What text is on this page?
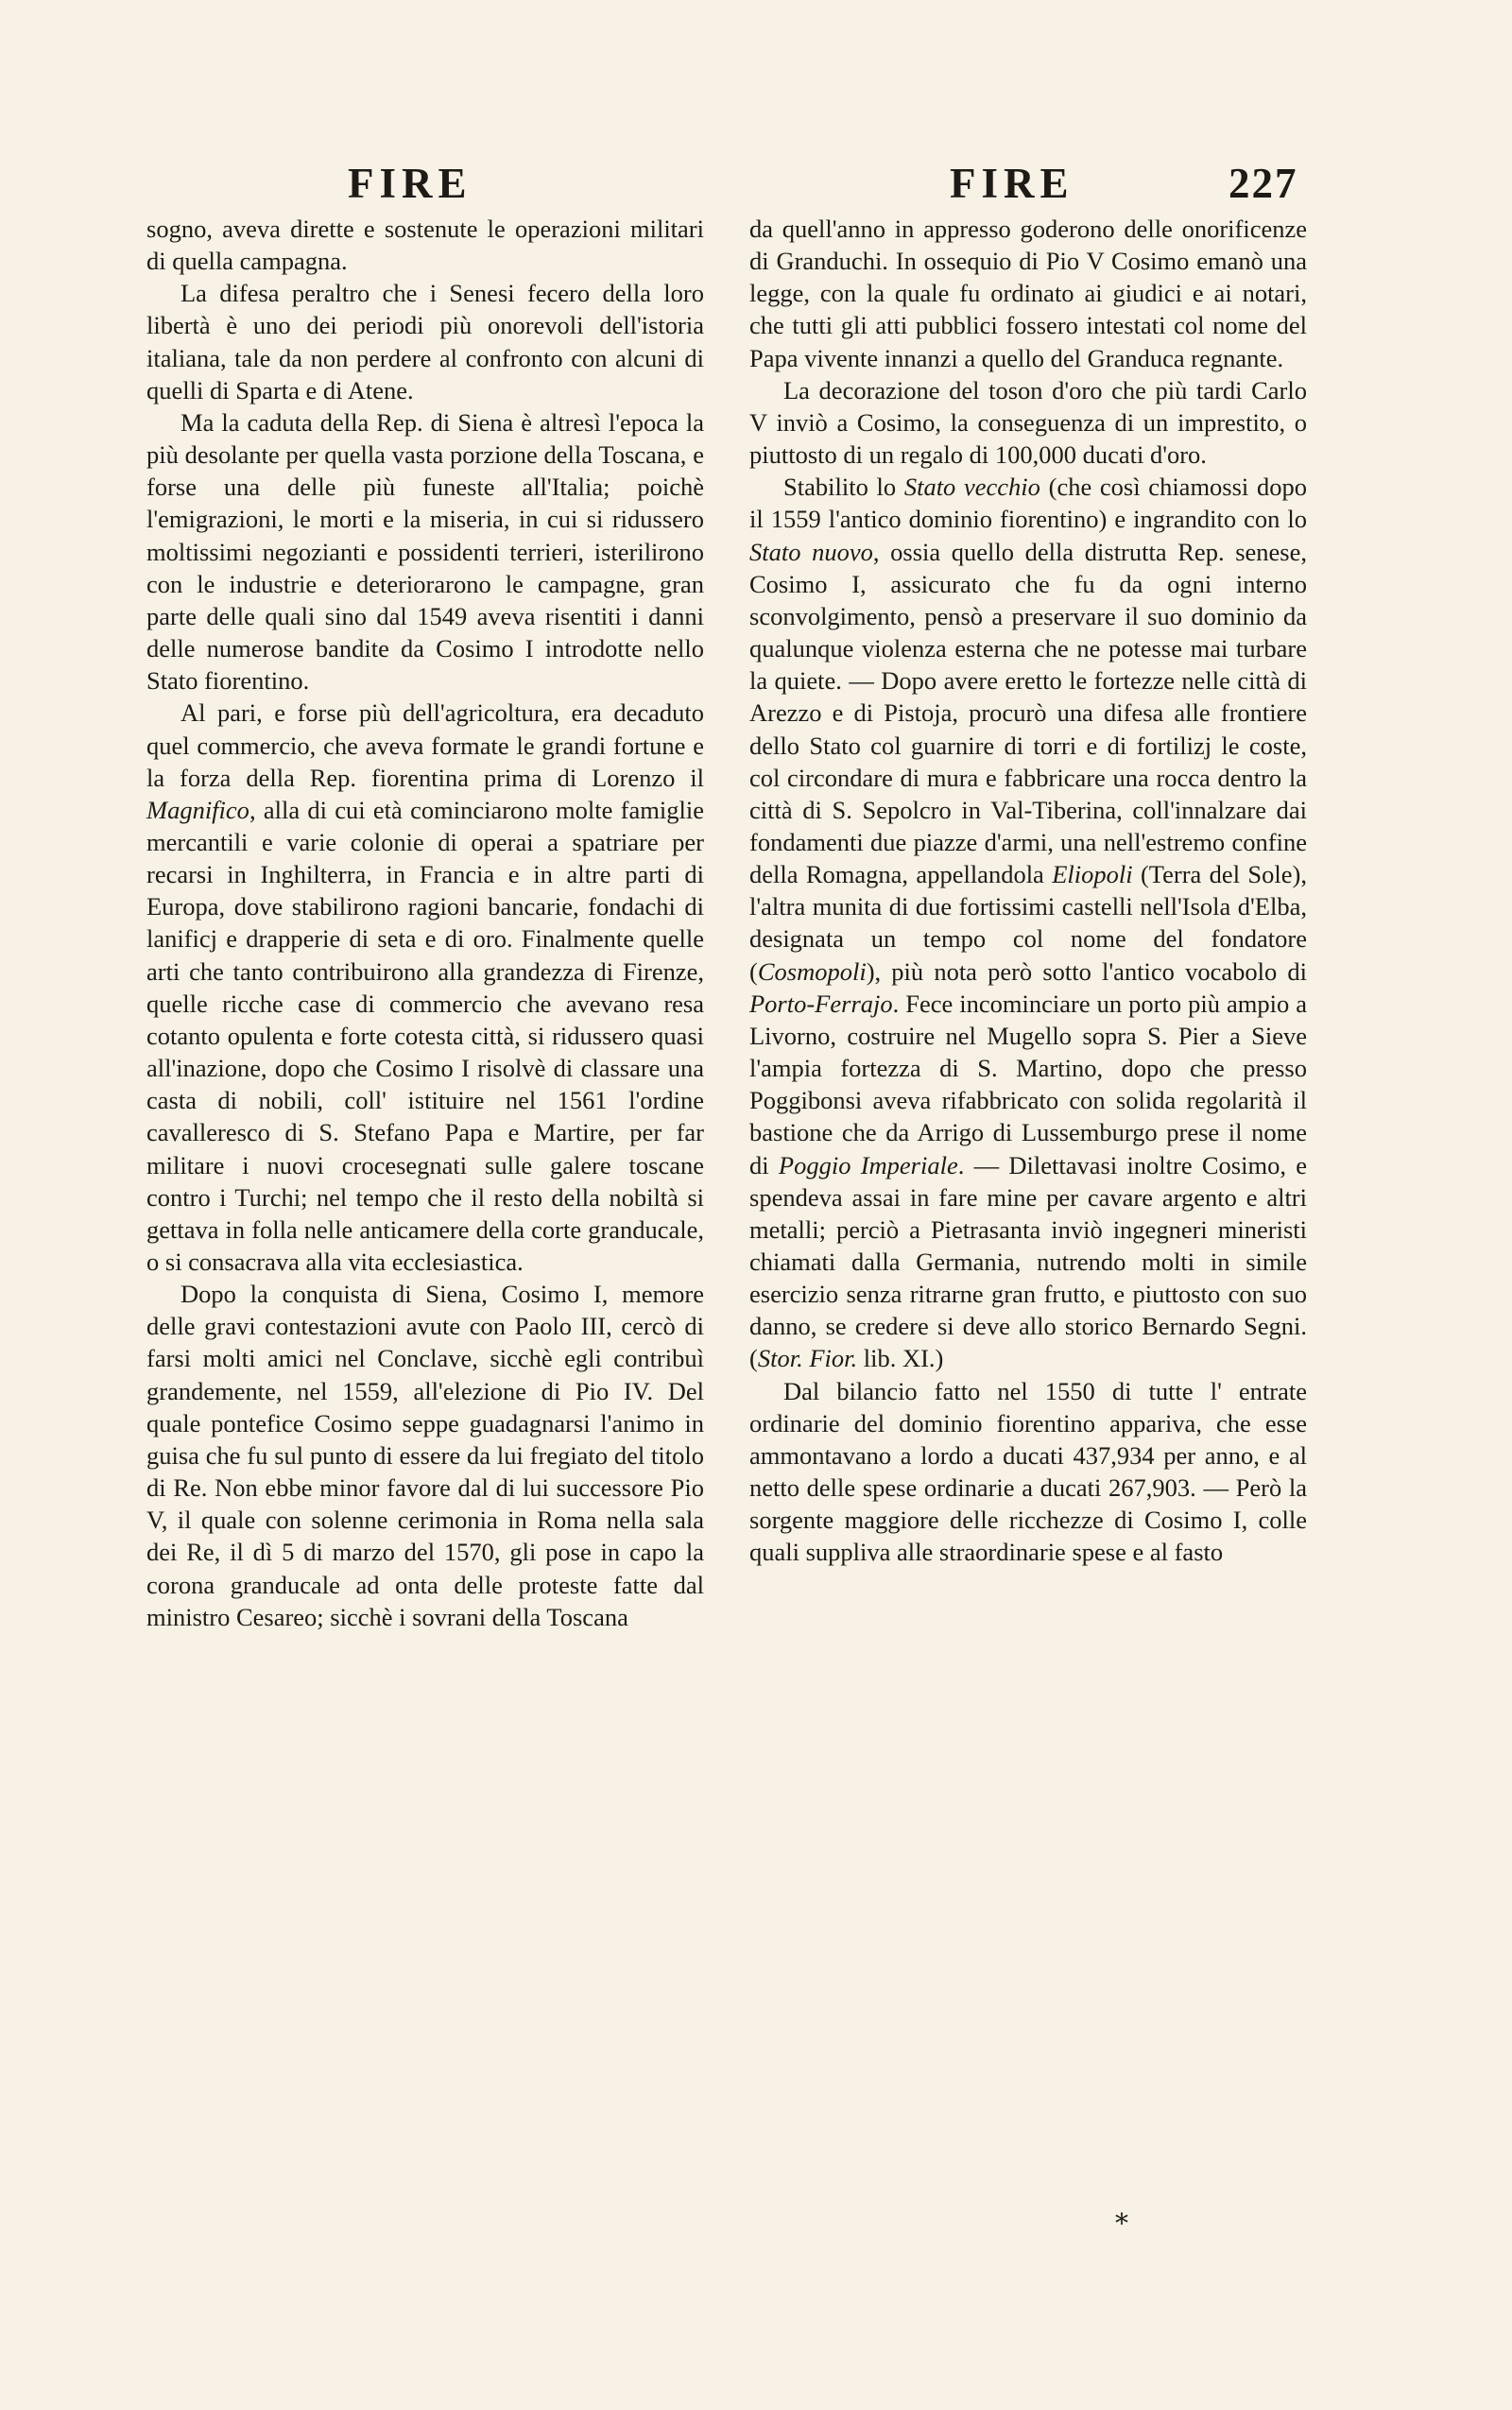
FIRE	FIRE	227

sogno, aveva dirette e sostenute le operazioni militari di quella campagna.

La difesa peraltro che i Senesi fecero della loro libertà è uno dei periodi più onorevoli dell'istoria italiana, tale da non perdere al confronto con alcuni di quelli di Sparta e di Atene.

Ma la caduta della Rep. di Siena è altresì l'epoca la più desolante per quella vasta porzione della Toscana, e forse una delle più funeste all'Italia; poichè l'emigrazioni, le morti e la miseria, in cui si ridussero moltissimi negozianti e possidenti terrieri, isterilirono con le industrie e deteriorarono le campagne, gran parte delle quali sino dal 1549 aveva risentiti i danni delle numerose bandite da Cosimo I introdotte nello Stato fiorentino.

Al pari, e forse più dell'agricoltura, era decaduto quel commercio, che aveva formate le grandi fortune e la forza della Rep. fiorentina prima di Lorenzo il Magnifico, alla di cui età cominciarono molte famiglie mercantili e varie colonie di operai a spatriare per recarsi in Inghilterra, in Francia e in altre parti di Europa, dove stabilirono ragioni bancarie, fondachi di lanificj e drapperie di seta e di oro. Finalmente quelle arti che tanto contribuirono alla grandezza di Firenze, quelle ricche case di commercio che avevano resa cotanto opulenta e forte cotesta città, si ridussero quasi all'inazione, dopo che Cosimo I risolvè di classare una casta di nobili, coll' istituire nel 1561 l'ordine cavalleresco di S. Stefano Papa e Martire, per far militare i nuovi crocesegnati sulle galere toscane contro i Turchi; nel tempo che il resto della nobiltà si gettava in folla nelle anticamere della corte granducale, o si consacrava alla vita ecclesiastica.

Dopo la conquista di Siena, Cosimo I, memore delle gravi contestazioni avute con Paolo III, cercò di farsi molti amici nel Conclave, sicchè egli contribuì grandemente, nel 1559, all'elezione di Pio IV. Del quale pontefice Cosimo seppe guadagnarsi l'animo in guisa che fu sul punto di essere da lui fregiato del titolo di Re. Non ebbe minor favore dal di lui successore Pio V, il quale con solenne cerimonia in Roma nella sala dei Re, il dì 5 di marzo del 1570, gli pose in capo la corona granducale ad onta delle proteste fatte dal ministro Cesareo; sicchè i sovrani della Toscana

da quell'anno in appresso goderono delle onorificenze di Granduchi. In ossequio di Pio V Cosimo emanò una legge, con la quale fu ordinato ai giudici e ai notari, che tutti gli atti pubblici fossero intestati col nome del Papa vivente innanzi a quello del Granduca regnante.

La decorazione del toson d'oro che più tardi Carlo V inviò a Cosimo, la conseguenza di un imprestito, o piuttosto di un regalo di 100,000 ducati d'oro.

Stabilito lo Stato vecchio (che così chiamossi dopo il 1559 l'antico dominio fiorentino) e ingrandito con lo Stato nuovo, ossia quello della distrutta Rep. senese, Cosimo I, assicurato che fu da ogni interno sconvolgimento, pensò a preservare il suo dominio da qualunque violenza esterna che ne potesse mai turbare la quiete. — Dopo avere eretto le fortezze nelle città di Arezzo e di Pistoja, procurò una difesa alle frontiere dello Stato col guarnire di torri e di fortilizj le coste, col circondare di mura e fabbricare una rocca dentro la città di S. Sepolcro in Val-Tiberina, coll'innalzare dai fondamenti due piazze d'armi, una nell'estremo confine della Romagna, appellandola Eliopoli (Terra del Sole), l'altra munita di due fortissimi castelli nell'Isola d'Elba, designata un tempo col nome del fondatore (Cosmopoli), più nota però sotto l'antico vocabolo di Porto-Ferrajo. Fece incominciare un porto più ampio a Livorno, costruire nel Mugello sopra S. Pier a Sieve l'ampia fortezza di S. Martino, dopo che presso Poggibonsi aveva rifabbricato con solida regolarità il bastione che da Arrigo di Lussemburgo prese il nome di Poggio Imperiale. — Dilettavasi inoltre Cosimo, e spendeva assai in fare mine per cavare argento e altri metalli; perciò a Pietrasanta inviò ingegneri mineristi chiamati dalla Germania, nutrendo molti in simile esercizio senza ritrarne gran frutto, e piuttosto con suo danno, se credere si deve allo storico Bernardo Segni. (Stor. Fior. lib. XI.)

Dal bilancio fatto nel 1550 di tutte l' entrate ordinarie del dominio fiorentino appariva, che esse ammontavano a lordo a ducati 437,934 per anno, e al netto delle spese ordinarie a ducati 267,903. — Però la sorgente maggiore delle ricchezze di Cosimo I, colle quali suppliva alle straordinarie spese e al fasto

*
